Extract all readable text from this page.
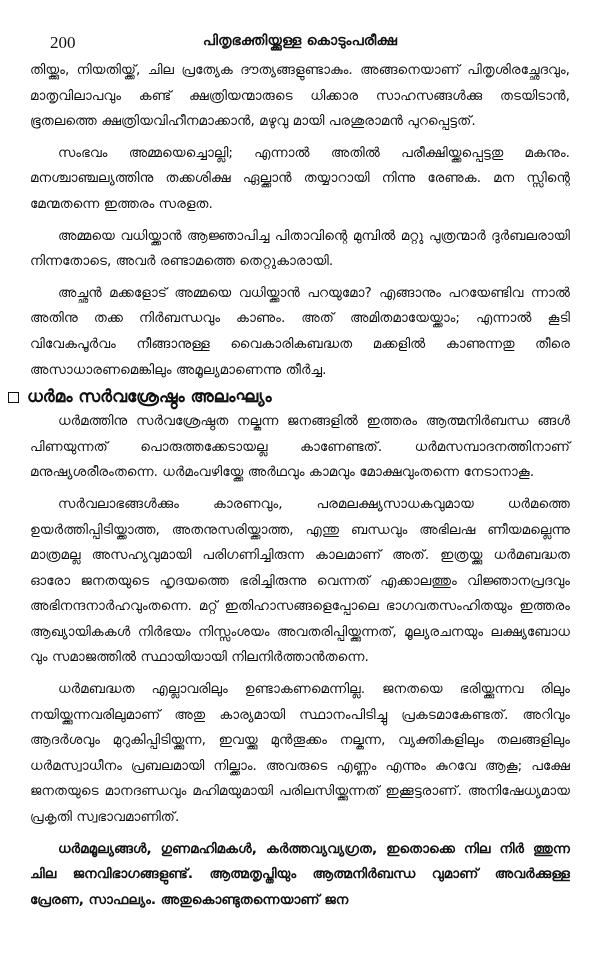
200	പിതൃഭക്തിയ്ക്കുള്ള കൊടുംപരീക്ഷ

തിയ്ക്കും, നിയതിയ്ക്ക്, ചില പ്രത്യേക ദൗത്യങ്ങളുണ്ടാകും. അങ്ങനെയാണ് പിതൃശിരച്ഛേദവും, മാതൃവിലാപവും കണ്ട് ക്ഷത്രിയന്മാരുടെ ധിക്കാര സാഹസങ്ങൾക്കു തടയിടാൻ, ഭൂതലത്തെ ക്ഷത്രിയവിഹീനമാക്കാൻ, മഴുവു മായി പരശുരാമൻ പുറപ്പെട്ടത്.

സംഭവം അമ്മയെച്ചൊല്ലി; എന്നാൽ അതിൽ പരീക്ഷിയ്ക്കപ്പെട്ടതു മകനും. മനശ്ചാഞ്ചല്യത്തിനു തക്കശിക്ഷ ഏല്ക്കാൻ തയ്യാറായി നിന്നു രേണുക. മന സ്സിന്റെ മേന്മതന്നെ ഇത്തരം സരളത.

അമ്മയെ വധിയ്ക്കാൻ ആജ്ഞാപിച്ച പിതാവിന്റെ മുമ്പിൽ മറ്റു പുത്രന്മാർ ദുർബലരായി നിന്നതോടെ, അവർ രണ്ടാമത്തെ തെറ്റുകാരായി.

അച്ഛൻ മക്കളോട് അമ്മയെ വധിയ്ക്കാൻ പറയുമോ? എങ്ങാനും പറയേണ്ടിവ ന്നാൽ അതിനു തക്ക നിർബന്ധവും കാണും. അത് അമിതമായേയ്ക്കാം; എന്നാൽ കൂടി വിവേകപൂർവം നീങ്ങാനുള്ള വൈകാരികബദ്ധത മക്കളിൽ കാണുന്നതു തീരെ അസാധാരണമെങ്കിലും അമൂല്യമാണെന്നു തീർച്ച.

ധർമം സർവശ്രേഷ്ഠം അലംഘ്യം

ധർമത്തിനു സർവശ്രേഷ്ഠത നല്കുന്ന ജനങ്ങളിൽ ഇത്തരം ആത്മനിർബന്ധ ങ്ങൾ പിണയുന്നത് പൊരുത്തക്കേടായല്ല കാണേണ്ടത്. ധർമസമ്പാദനത്തിനാണ് മനുഷ്യശരീരംതന്നെ. ധർമംവഴിയ്ക്കേ അർഥവും കാമവും മോക്ഷവുംതന്നെ നേടാനാകൂ.

സർവലാഭങ്ങൾക്കും കാരണവും, പരമലക്ഷ്യസാധകവുമായ ധർമത്തെ ഉയർത്തിപ്പിടിയ്ക്കാത്ത, അതനുസരിയ്ക്കാത്ത, എന്തു ബന്ധവും അഭിലഷ ണീയമല്ലെന്നു മാത്രമല്ല അസഹ്യവുമായി പരിഗണിച്ചിരുന്ന കാലമാണ് അത്. ഇത്രയ്ക്കു ധർമബദ്ധത ഓരോ ജനതയുടെ ഹൃദയത്തെ ഭരിച്ചിരുന്നു വെന്നത് എക്കാലത്തും വിജ്ഞാനപ്രദവും അഭിനന്ദനാർഹവുംതന്നെ. മറ്റ് ഇതിഹാസങ്ങളെപ്പോലെ ഭാഗവതസംഹിതയും ഇത്തരം ആഖ്യായികകൾ നിർഭയം നിസ്സംശയം അവതരിപ്പിയ്ക്കുന്നത്, മൂല്യരചനയും ലക്ഷ്യബോധ വും സമാജത്തിൽ സ്ഥായിയായി നിലനിർത്താൻതന്നെ.

ധർമബദ്ധത എല്ലാവരിലും ഉണ്ടാകണമെന്നില്ല. ജനതയെ ഭരിയ്ക്കുന്നവ രിലും നയിയ്ക്കുന്നവരിലുമാണ് അതു കാര്യമായി സ്ഥാനംപിടിച്ചു പ്രകടമാകേണ്ടത്. അറിവും ആദർശവും മുറുകിപ്പിടിയ്ക്കുന്ന, ഇവയ്ക്കു മുൻതൂക്കം നല്കുന്ന, വ്യക്തികളിലും തലങ്ങളിലും ധർമസ്വാധീനം പ്രബലമായി നില്ക്കാം. അവരുടെ എണ്ണം എന്നും കുറവേ ആകൂ; പക്ഷേ ജനതയുടെ മാനദണ്ഡവും മഹിമയുമായി പരിലസിയ്ക്കുന്നത് ഇക്കൂട്ടരാണ്. അനിഷേധ്യമായ പ്രകൃതി സ്വഭാവമാണിത്.

ധർമമൂല്യങ്ങൾ, ഗുണമഹിമകൾ, കർത്തവ്യവ്യഗ്രത, ഇതൊക്കെ നില നിർ ത്തുന്ന ചില ജനവിഭാഗങ്ങളുണ്ട്. ആത്മതൃപ്തിയും ആത്മനിർബന്ധ വുമാണ് അവർക്കുള്ള പ്രേരണ, സാഫല്യം. അതുകൊണ്ടുതന്നെയാണ് ജന
